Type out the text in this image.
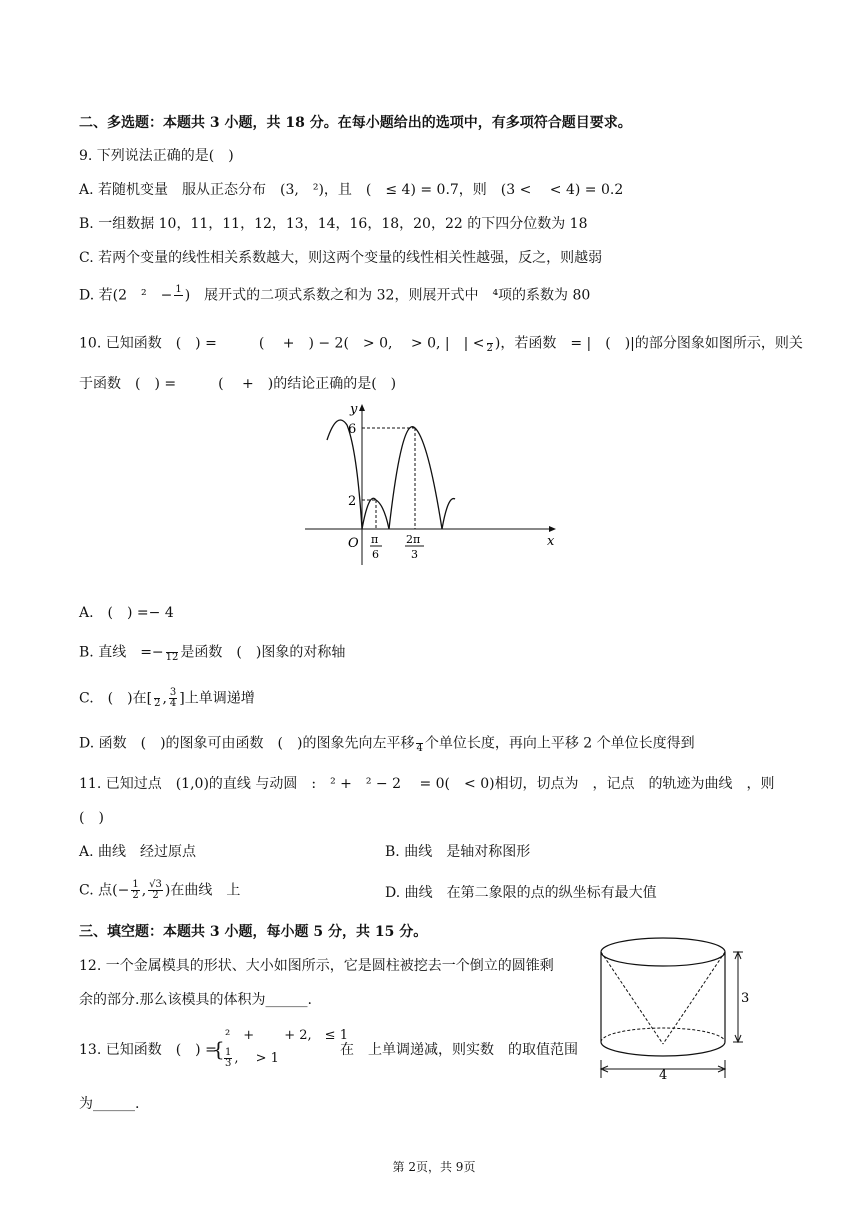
二、多选题：本题共 3 小题，共 18 分。在每小题给出的选项中，有多项符合题目要求。
9. 下列说法正确的是(　)
A. 若随机变量　服从正态分布　(3,　²)，且　(　≤ 4) = 0.7，则　(3 <　 < 4) = 0.2
B. 一组数据 10，11，11，12，13，14，16，18，20，22 的下四分位数为 18
C. 若两个变量的线性相关系数越大，则这两个变量的线性相关性越强，反之，则越弱
D. 若(2　²　− 1 )　展开式的二项式系数之和为 32，则展开式中　⁴项的系数为 80
10. 已知函数　(　) =　　　(　 +　) − 2(　> 0,　 > 0, |　| < 2 )，若函数　= |　(　)|的部分图象如图所示，则关
于函数　(　) =　　　(　 +　)的结论正确的是(　)
y
x
O
6
2
π
6
2π
3
A.　(　) =− 4
B. 直线　=− 12 是函数　(　)图象的对称轴
C.　(　)在[ 2 , $\frac{3}{4}$ ]上单调递增
D. 函数　(　)的图象可由函数　(　)的图象先向左平移 4 个单位长度，再向上平移 2 个单位长度得到
11. 已知过点　(1,0)的直线 与动圆　:　² +　² − 2　 = 0(　< 0)相切，切点为　，记点　的轨迹为曲线　，则
(　)
A. 曲线　经过原点	B. 曲线　是轴对称图形
C. 点(− $\frac{1}{2}$ , $\frac{√3}{2}$ )在曲线　上	D. 曲线　在第二象限的点的纵坐标有最大值
三、填空题：本题共 3 小题，每小题 5 分，共 15 分。
12. 一个金属模具的形状、大小如图所示，它是圆柱被挖去一个倒立的圆锥剩
余的部分.那么该模具的体积为______.	3
4
13. 已知函数　(　) =
{
²　+　　 + 2,　≤ 1
$\frac{1}{3}$ ,　 > 1
在　上单调递减，则实数　的取值范围
为______.
第 2页，共 9页
